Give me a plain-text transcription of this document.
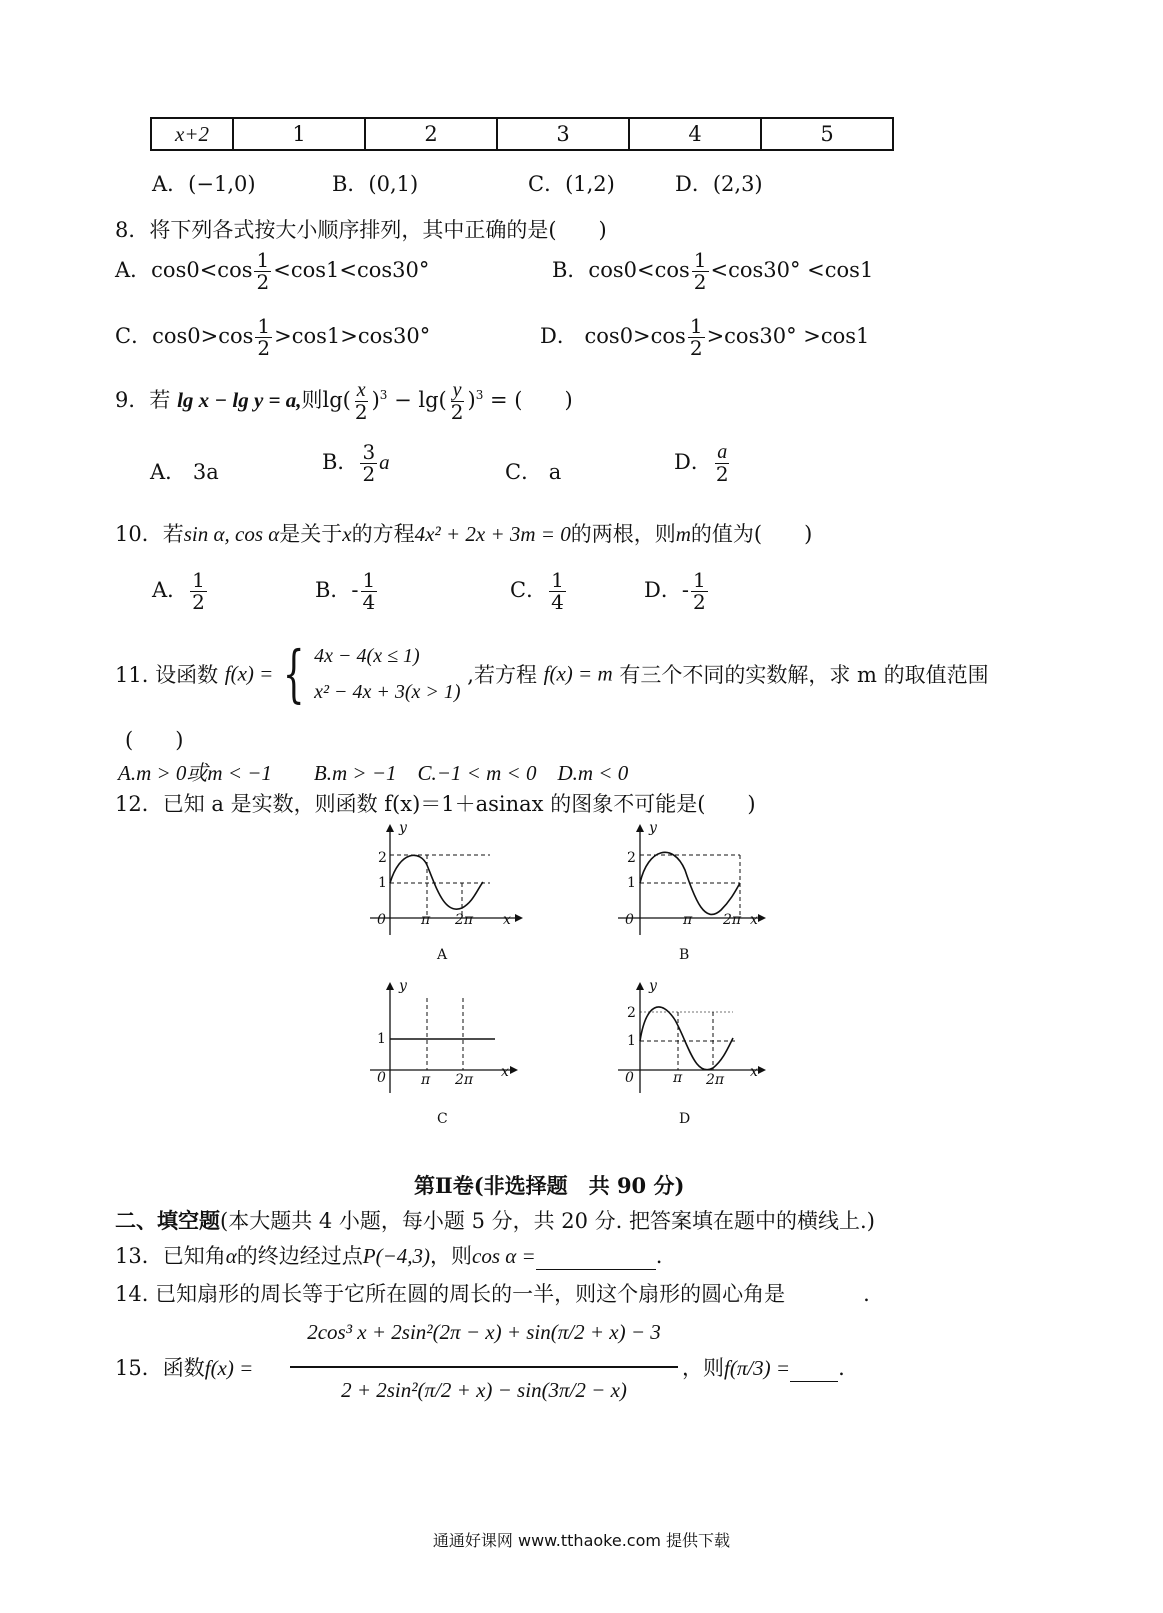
x+2	1	2	3	4	5
A．(−1,0)	B．(0,1)	C．(1,2)	D．(2,3)
8．将下列各式按大小顺序排列，其中正确的是(　　)
A．$\cos 0<\cos \frac{1}{2} <\cos 1<\cos 30^\circ$	B．$\cos 0<\cos \frac{1}{2} <\cos 30^\circ <\cos 1$
C．$\cos 0>\cos \frac{1}{2} >\cos 1>\cos 30^\circ$	D． $\cos 0>\cos \frac{1}{2} >\cos 30^\circ >\cos 1$
9．若 lg x − lg y = a,则$\lg( \frac{x}{2} )^3 - \lg( \frac{y}{2} )^3$ = (　　)
A． 3a	B． $\frac{3}{2}$ a	C． a	D． $\frac{a}{2}$
10．若sin α, cos α是关于x的方程4x² + 2x + 3m = 0的两根，则m的值为(　　)
A． $\frac{1}{2}$	B．- $\frac{1}{4}$	C． $\frac{1}{4}$	D．- $\frac{1}{2}$
11. 设函数 f(x) = { 4x − 4(x ≤ 1)
x² − 4x + 3(x > 1)
,若方程 f(x) = m 有三个不同的实数解，求 m 的取值范围
(　　)
A.m > 0或m < −1　　B.m > −1　C.−1 < m < 0　D.m < 0
12．已知 a 是实数，则函数 f(x)＝1＋asinax 的图象不可能是(　　)
y
2
1
0	π 2π x
A
y
2
1
0	π 2π x
B
y
1
0	π 2π x
C
y
2
1
0	π 2π x
D
第Ⅱ卷(非选择题　共 90 分)
二、填空题(本大题共 4 小题，每小题 5 分，共 20 分. 把答案填在题中的横线上.)
13．已知角α的终边经过点P(−4,3)，则cos α =	.
14. 已知扇形的周长等于它所在圆的周长的一半，则这个扇形的圆心角是	.
15．函数f(x) =
2cos³ x + 2sin²(2π − x) + sin(π/2 + x) − 3
2 + 2sin²(π/2 + x) − sin(3π/2 − x)
，则f(π/3) = .
通通好课网 www.tthaoke.com 提供下载
